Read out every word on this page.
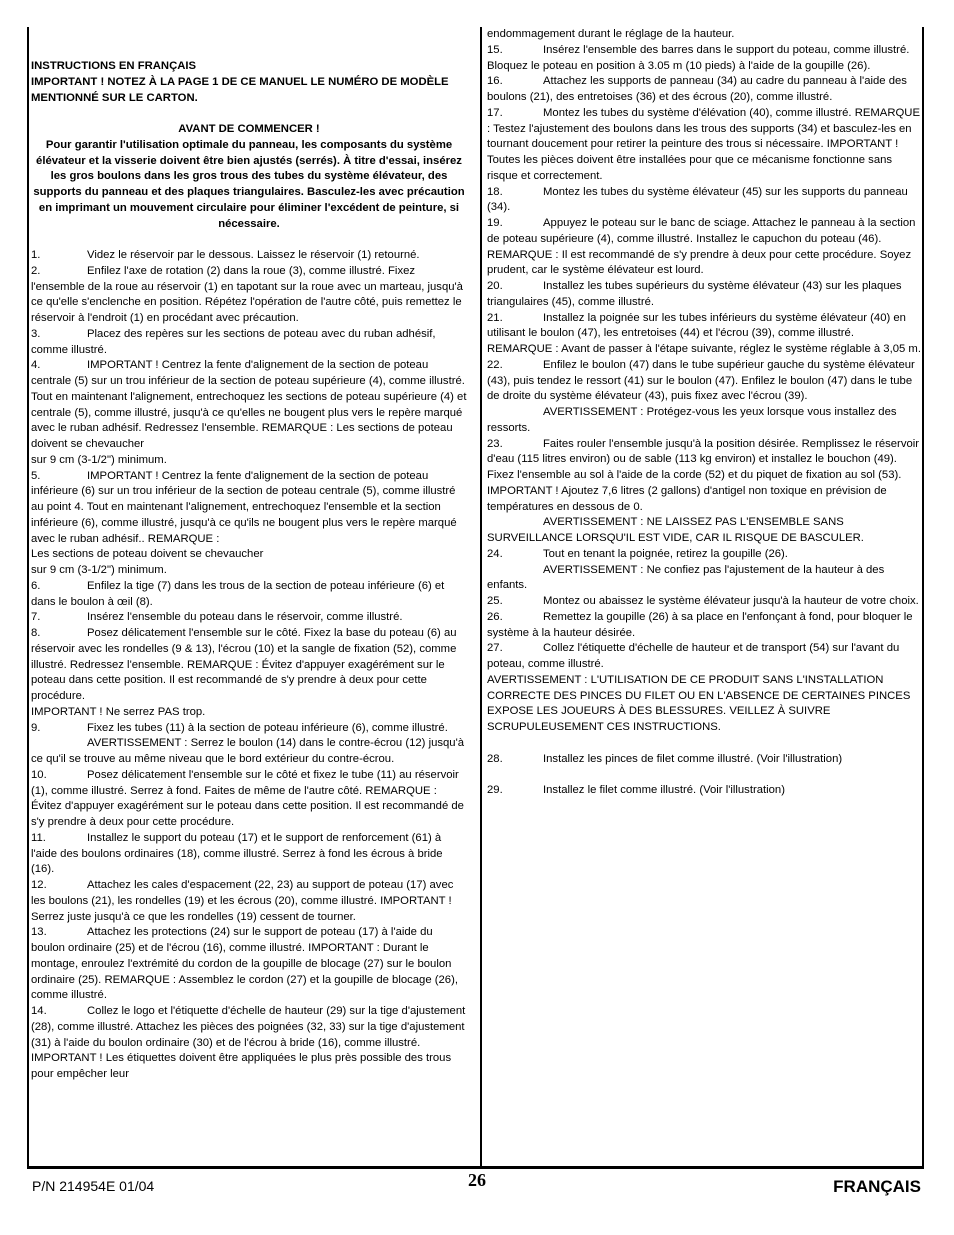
INSTRUCTIONS EN FRANÇAIS

IMPORTANT ! NOTEZ À LA PAGE 1 DE CE MANUEL LE NUMÉRO DE MODÈLE MENTIONNÉ SUR LE CARTON.

AVANT DE COMMENCER !

Pour garantir l'utilisation optimale du panneau, les composants du système élévateur et la visserie doivent être bien ajustés (serrés). À titre d'essai, insérez les gros boulons dans les gros trous des tubes du système élévateur, des supports du panneau et des plaques triangulaires. Basculez-les avec précaution en imprimant un mouvement circulaire pour éliminer l'excédent de peinture, si nécessaire.

1.	Videz le réservoir par le dessous. Laissez le réservoir (1) retourné.

2.	Enfilez l'axe de rotation (2) dans la roue (3), comme illustré. Fixez l'ensemble de la roue au réservoir (1) en tapotant sur la roue avec un marteau, jusqu'à ce qu'elle s'enclenche en position. Répétez l'opération de l'autre côté, puis remettez le réservoir à l'endroit (1) en procédant avec précaution.

3.	Placez des repères sur les sections de poteau avec du ruban adhésif, comme illustré.

4.	IMPORTANT ! Centrez la fente d'alignement de la section de poteau centrale (5) sur un trou inférieur de la section de poteau supérieure (4), comme illustré. Tout en maintenant l'alignement, entrechoquez les sections de poteau supérieure (4) et centrale (5), comme illustré, jusqu'à ce qu'elles ne bougent plus vers le repère marqué avec le ruban adhésif. Redressez l'ensemble. REMARQUE : Les sections de poteau doivent se chevaucher

sur 9 cm (3-1/2") minimum.

5.	IMPORTANT ! Centrez la fente d'alignement de la section de poteau inférieure (6) sur un trou inférieur de la section de poteau centrale (5), comme illustré au point 4. Tout en maintenant l'alignement, entrechoquez l'ensemble et la section inférieure (6), comme illustré, jusqu'à ce qu'ils ne bougent plus vers le repère marqué avec le ruban adhésif.. REMARQUE :

Les sections de poteau doivent se chevaucher

sur 9 cm (3-1/2") minimum.

6.	Enfilez la tige (7) dans les trous de la section de poteau inférieure (6) et dans le boulon à œil (8).

7.	Insérez l'ensemble du poteau dans le réservoir, comme illustré.

8.	Posez délicatement l'ensemble sur le côté. Fixez la base du poteau (6) au réservoir avec les rondelles (9 & 13), l'écrou (10) et la sangle de fixation (52), comme illustré. Redressez l'ensemble. REMARQUE : Évitez d'appuyer exagérément sur le poteau dans cette position. Il est recommandé de s'y prendre à deux pour cette procédure.

IMPORTANT ! Ne serrez PAS trop.

9.	Fixez les tubes (11) à la section de poteau inférieure (6), comme illustré.

AVERTISSEMENT : Serrez le boulon (14) dans le contre-écrou (12) jusqu'à ce qu'il se trouve au même niveau que le bord extérieur du contre-écrou.

10.	Posez délicatement l'ensemble sur le côté et fixez le tube (11) au réservoir (1), comme illustré. Serrez à fond. Faites de même de l'autre côté. REMARQUE : Évitez d'appuyer exagérément sur le poteau dans cette position. Il est recommandé de s'y prendre à deux pour cette procédure.

11.	Installez le support du poteau (17) et le support de renforcement (61) à l'aide des boulons ordinaires (18), comme illustré. Serrez à fond les écrous à bride (16).

12.	Attachez les cales d'espacement (22, 23) au support de poteau (17) avec les boulons (21), les rondelles (19) et les écrous (20), comme illustré. IMPORTANT ! Serrez juste jusqu'à ce que les rondelles (19) cessent de tourner.

13.	Attachez les protections (24) sur le support de poteau (17) à l'aide du boulon ordinaire (25) et de l'écrou (16), comme illustré. IMPORTANT : Durant le montage, enroulez l'extrémité du cordon de la goupille de blocage (27) sur le boulon ordinaire (25). REMARQUE : Assemblez le cordon (27) et la goupille de blocage (26), comme illustré.

14.	Collez le logo et l'étiquette d'échelle de hauteur (29) sur la tige d'ajustement (28), comme illustré. Attachez les pièces des poignées (32, 33) sur la tige d'ajustement (31) à l'aide du boulon ordinaire (30) et de l'écrou à bride (16), comme illustré. IMPORTANT ! Les étiquettes doivent être appliquées le plus près possible des trous pour empêcher leur

endommagement durant le réglage de la hauteur.

15.	Insérez l'ensemble des barres dans le support du poteau, comme illustré. Bloquez le poteau en position à 3.05 m (10 pieds) à l'aide de la goupille (26).

16.	Attachez les supports de panneau (34) au cadre du panneau à l'aide des boulons (21), des entretoises (36) et des écrous (20), comme illustré.

17.	Montez les tubes du système d'élévation (40), comme illustré. REMARQUE : Testez l'ajustement des boulons dans les trous des supports (34) et basculez-les en tournant doucement pour retirer la peinture des trous si nécessaire. IMPORTANT ! Toutes les pièces doivent être installées pour que ce mécanisme fonctionne sans risque et correctement.

18.	Montez les tubes du système élévateur (45) sur les supports du panneau (34).

19.	Appuyez le poteau sur le banc de sciage. Attachez le panneau à la section de poteau supérieure (4), comme illustré. Installez le capuchon du poteau (46). REMARQUE : Il est recommandé de s'y prendre à deux pour cette procédure. Soyez prudent, car le système élévateur est lourd.

20.	Installez les tubes supérieurs du système élévateur (43) sur les plaques triangulaires (45), comme illustré.

21.	Installez la poignée sur les tubes inférieurs du système élévateur (40) en utilisant le boulon (47), les entretoises (44) et l'écrou (39), comme illustré. REMARQUE : Avant de passer à l'étape suivante, réglez le système réglable à 3,05 m.

22.	Enfilez le boulon (47) dans le tube supérieur gauche du système élévateur (43), puis tendez le ressort (41) sur le boulon (47). Enfilez le boulon (47) dans le tube de droite du système élévateur (43), puis fixez avec l'écrou (39).

AVERTISSEMENT : Protégez-vous les yeux lorsque vous installez des ressorts.

23.	Faites rouler l'ensemble jusqu'à la position désirée. Remplissez le réservoir d'eau (115 litres environ) ou de sable (113 kg environ) et installez le bouchon (49). Fixez l'ensemble au sol à l'aide de la corde (52) et du piquet de fixation au sol (53). IMPORTANT ! Ajoutez 7,6 litres (2 gallons) d'antigel non toxique en prévision de températures en dessous de 0.

AVERTISSEMENT : NE LAISSEZ PAS L'ENSEMBLE SANS SURVEILLANCE LORSQU'IL EST VIDE, CAR IL RISQUE DE BASCULER.

24.	Tout en tenant la poignée, retirez la goupille (26).

AVERTISSEMENT : Ne confiez pas l'ajustement de la hauteur à des enfants.

25.	Montez ou abaissez le système élévateur jusqu'à la hauteur de votre choix.

26.	Remettez la goupille (26) à sa place en l'enfonçant à fond, pour bloquer le système à la hauteur désirée.

27.	Collez l'étiquette d'échelle de hauteur et de transport (54) sur l'avant du poteau, comme illustré.

AVERTISSEMENT : L'UTILISATION DE CE PRODUIT SANS L'INSTALLATION CORRECTE DES PINCES DU FILET OU EN L'ABSENCE DE CERTAINES PINCES EXPOSE LES JOUEURS À DES BLESSURES. VEILLEZ À SUIVRE SCRUPULEUSEMENT CES INSTRUCTIONS.

28.	Installez les pinces de filet comme illustré. (Voir l'illustration)

29.	Installez le filet comme illustré. (Voir l'illustration)

P/N 214954E 01/04	26	FRANÇAIS
